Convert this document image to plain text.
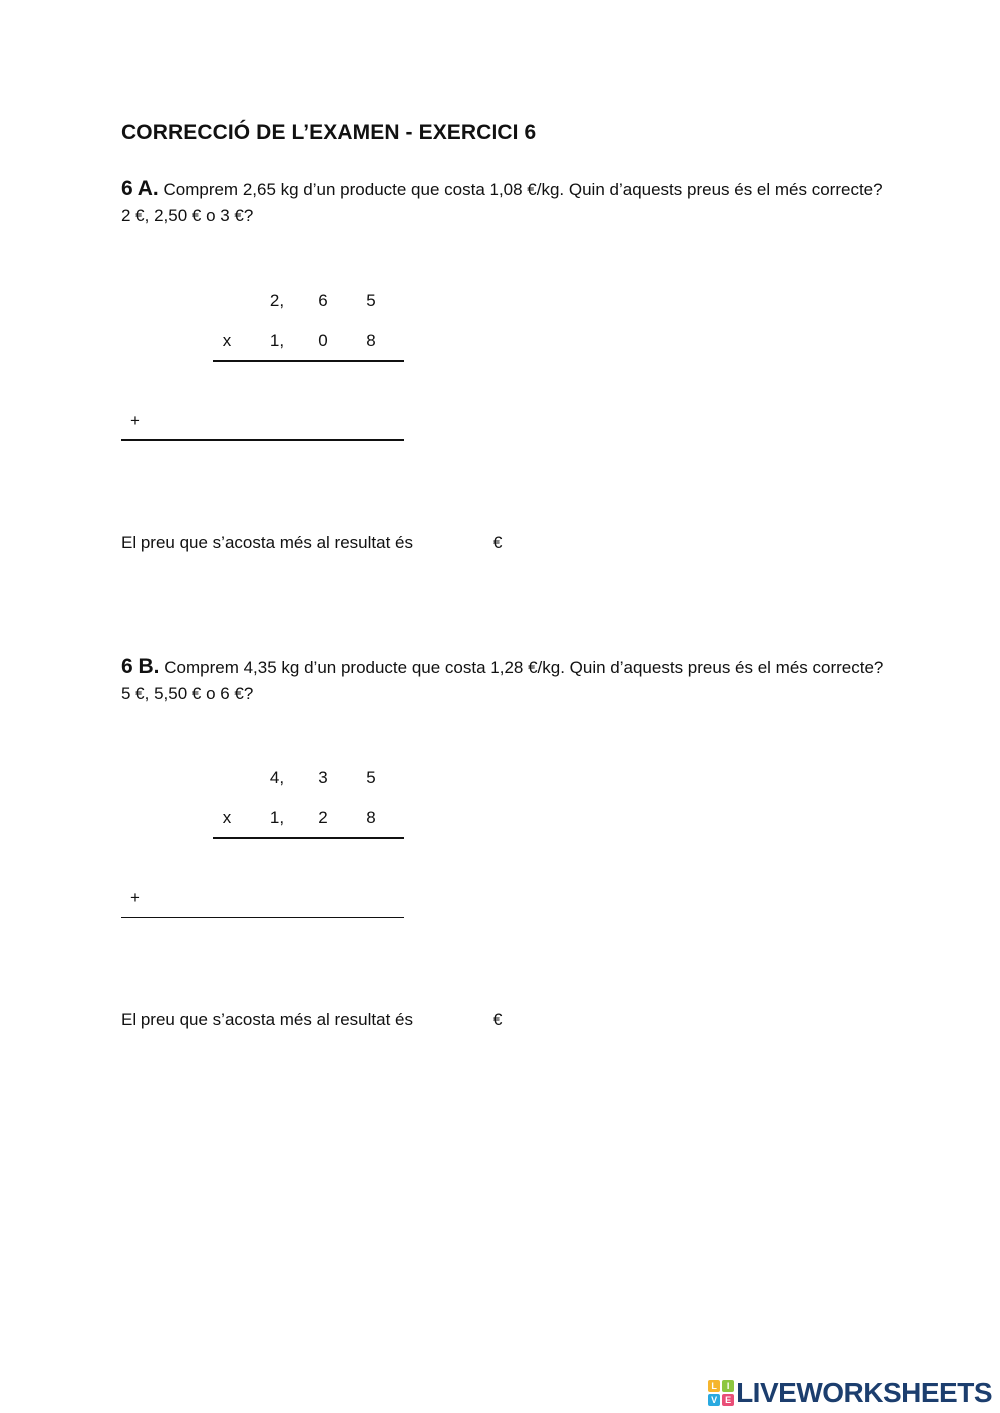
CORRECCIÓ DE L’EXAMEN - EXERCICI 6
6 A. Comprem 2,65 kg d’un producte que costa 1,08 €/kg. Quin d’aquests preus és el més correcte? 2 €, 2,50 € o 3 €?
2,	6	5
x	1,	0	8
+
El preu que s’acosta més al resultat és	€
6 B. Comprem 4,35 kg d’un producte que costa 1,28 €/kg. Quin d’aquests preus és el més correcte? 5 €, 5,50 € o 6 €?
4,	3	5
x	1,	2	8
+
El preu que s’acosta més al resultat és	€
L	I
V E LIVEWORKSHEETS
